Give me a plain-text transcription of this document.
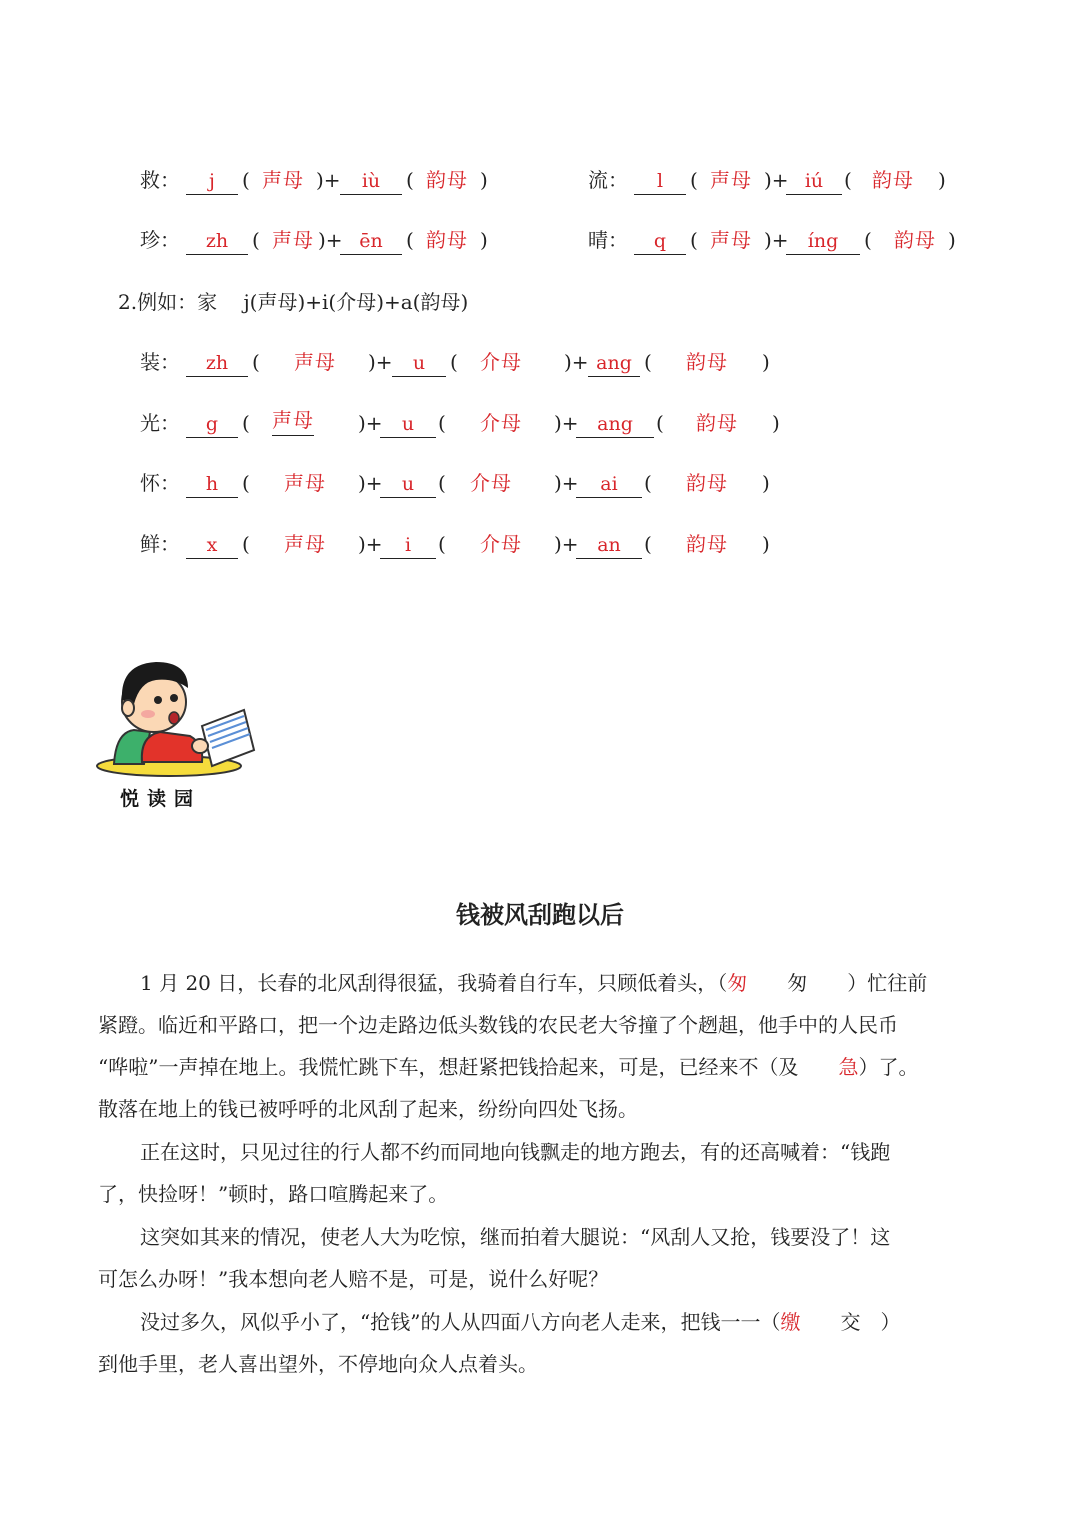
救：	j	( 声母 )+	iù	( 韵母 )	流：	l	( 声母 )+ iú	( 韵母 )
珍：	zh	( 声母 )+ ēn	( 韵母 )	晴：	q	( 声母 )+	íng	( 韵母 )
2.例如：家　 j(声母)+i(介母)+a(韵母)
装：	zh	( 声母 )+	u	( 介母 )+ ang ( 韵母 )
光：	g	( 声母 )+	u	( 介母 )+ ang	( 韵母 )
怀：	h	( 声母 )+	u	( 介母 )+	ai	( 韵母 )
鲜：	x	( 声母 )+	i	( 介母 )+ an	( 韵母 )
悦读园
钱被风刮跑以后
1 月 20 日，长春的北风刮得很猛，我骑着自行车，只顾低着头，（匆　　 匆　　）忙往前
紧蹬。临近和平路口，把一个边走路边低头数钱的农民老大爷撞了个趔趄，他手中的人民币
“哗啦”一声掉在地上。我慌忙跳下车，想赶紧把钱拾起来，可是，已经来不（及　　急）了。
散落在地上的钱已被呼呼的北风刮了起来，纷纷向四处飞扬。
正在这时，只见过往的行人都不约而同地向钱飘走的地方跑去，有的还高喊着：“钱跑
了，快捡呀！”顿时，路口喧腾起来了。
这突如其来的情况，使老人大为吃惊，继而拍着大腿说：“风刮人又抢，钱要没了！这
可怎么办呀！”我本想向老人赔不是，可是，说什么好呢？
没过多久，风似乎小了，“抢钱”的人从四面八方向老人走来，把钱一一（缴　　交　）
到他手里，老人喜出望外，不停地向众人点着头。
